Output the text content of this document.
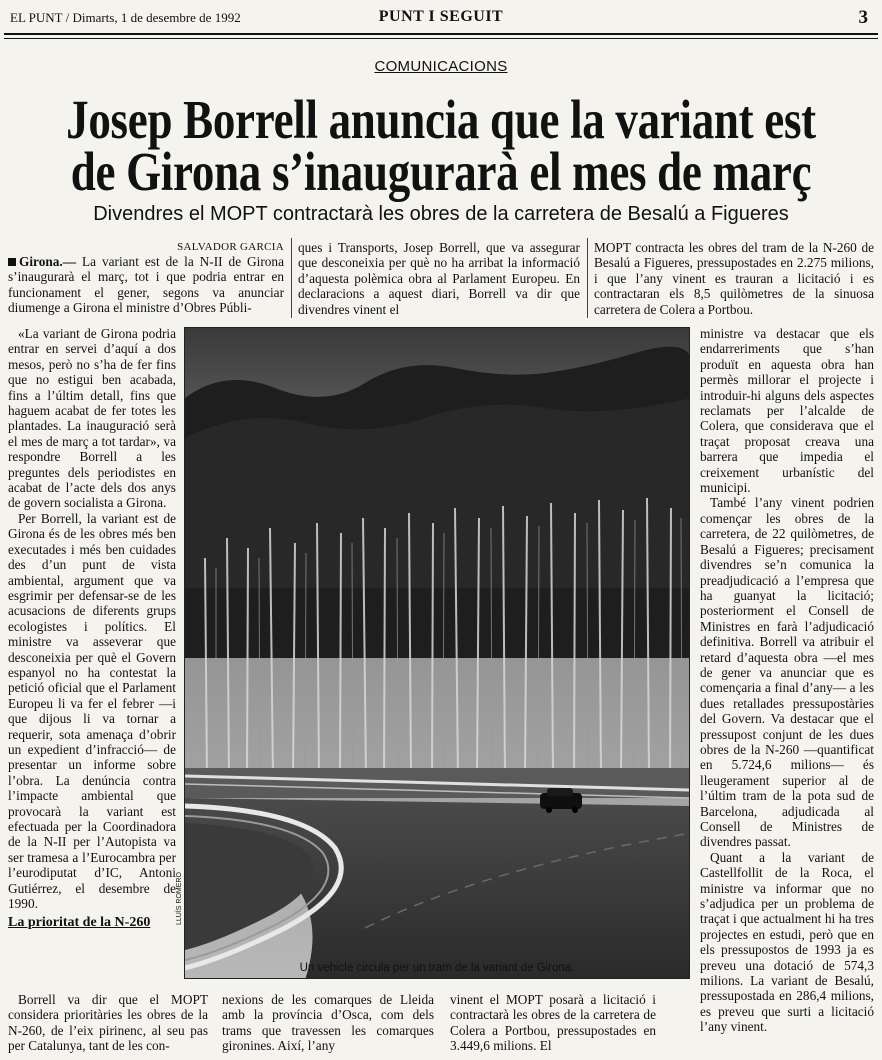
EL PUNT / Dimarts, 1 de desembre de 1992	PUNT I SEGUIT	3
COMUNICACIONS
Josep Borrell anuncia que la variant est
de Girona s’inaugurarà el mes de març
Divendres el MOPT contractarà les obres de la carretera de Besalú a Figueres
SALVADOR GARCIA

Girona.— La variant est de la N-II de Girona s’inaugurarà el març, tot i que podria entrar en funcionament el gener, segons va anunciar diumenge a Girona el ministre d’Obres Públi-

ques i Transports, Josep Borrell, que va assegurar que desconeixia per què no ha arribat la informació d’aquesta polèmica obra al Parlament Europeu. En declaracions a aquest diari, Borrell va dir que divendres vinent el

MOPT contracta les obres del tram de la N-260 de Besalú a Figueres, pressupostades en 2.275 milions, i que l’any vinent es trauran a licitació i es contractaran els 8,5 quilòmetres de la sinuosa carretera de Colera a Portbou.

«La variant de Girona podria entrar en servei d’aquí a dos mesos, però no s’ha de fer fins que no estigui ben acabada, fins a l’últim detall, fins que haguem acabat de fer totes les plantades. La inauguració serà el mes de març a tot tardar», va respondre Borrell a les preguntes dels periodistes en acabat de l’acte dels dos anys de govern socialista a Girona.

Per Borrell, la variant est de Girona és de les obres més ben executades i més ben cuidades des d’un punt de vista ambiental, argument que va esgrimir per defensar-se de les acusacions de diferents grups ecologistes i polítics. El ministre va asseverar que desconeixia per què el Govern espanyol no ha contestat la petició oficial que el Parlament Europeu li va fer el febrer —i que dijous li va tornar a requerir, sota amenaça d’obrir un expedient d’infracció— de presentar un informe sobre l’obra. La denúncia contra l’impacte ambiental que provocarà la variant est efectuada per la Coordinadora de la N-II per l’Autopista va ser tramesa a l’Eurocambra per l’eurodiputat d’IC, Antoni Gutiérrez, el desembre de 1990.

La prioritat de la N-260	LLUÍS ROMERO
Un vehicle circula per un tram de la variant de Girona.

ministre va destacar que els endarreriments que s’han produït en aquesta obra han permès millorar el projecte i introduir-hi alguns dels aspectes reclamats per l’alcalde de Colera, que considerava que el traçat proposat creava una barrera que impedia el creixement urbanístic del municipi.

També l’any vinent podrien començar les obres de la carretera, de 22 quilòmetres, de Besalú a Figueres; precisament divendres se’n comunica la preadjudicació a l’empresa que ha guanyat la licitació; posteriorment el Consell de Ministres en farà l’adjudicació definitiva. Borrell va atribuir el retard d’aquesta obra —el mes de gener va anunciar que es començaria a final d’any— a les dues retallades pressupostàries del Govern. Va destacar que el pressupost conjunt de les dues obres de la N-260 —quantificat en 5.724,6 milions— és lleugerament superior al de l’últim tram de la pota sud de Barcelona, adjudicada al Consell de Ministres de divendres passat.

Quant a la variant de Castellfollit de la Roca, el ministre va informar que no s’adjudica per un problema de traçat i que actualment hi ha tres projectes en estudi, però que en els pressupostos de 1993 ja es preveu una dotació de 574,3 milions. La variant de Besalú, pressupostada en 286,4 milions, es preveu que surti a licitació l’any vinent.

Borrell va dir que el MOPT considera prioritàries les obres de la N-260, de l’eix pirinenc, al seu pas per Catalunya, tant de les con-

nexions de les comarques de Lleida amb la província d’Osca, com dels trams que travessen les comarques gironines. Així, l’any

vinent el MOPT posarà a licitació i contractarà les obres de la carretera de Colera a Portbou, pressupostades en 3.449,6 milions. El
